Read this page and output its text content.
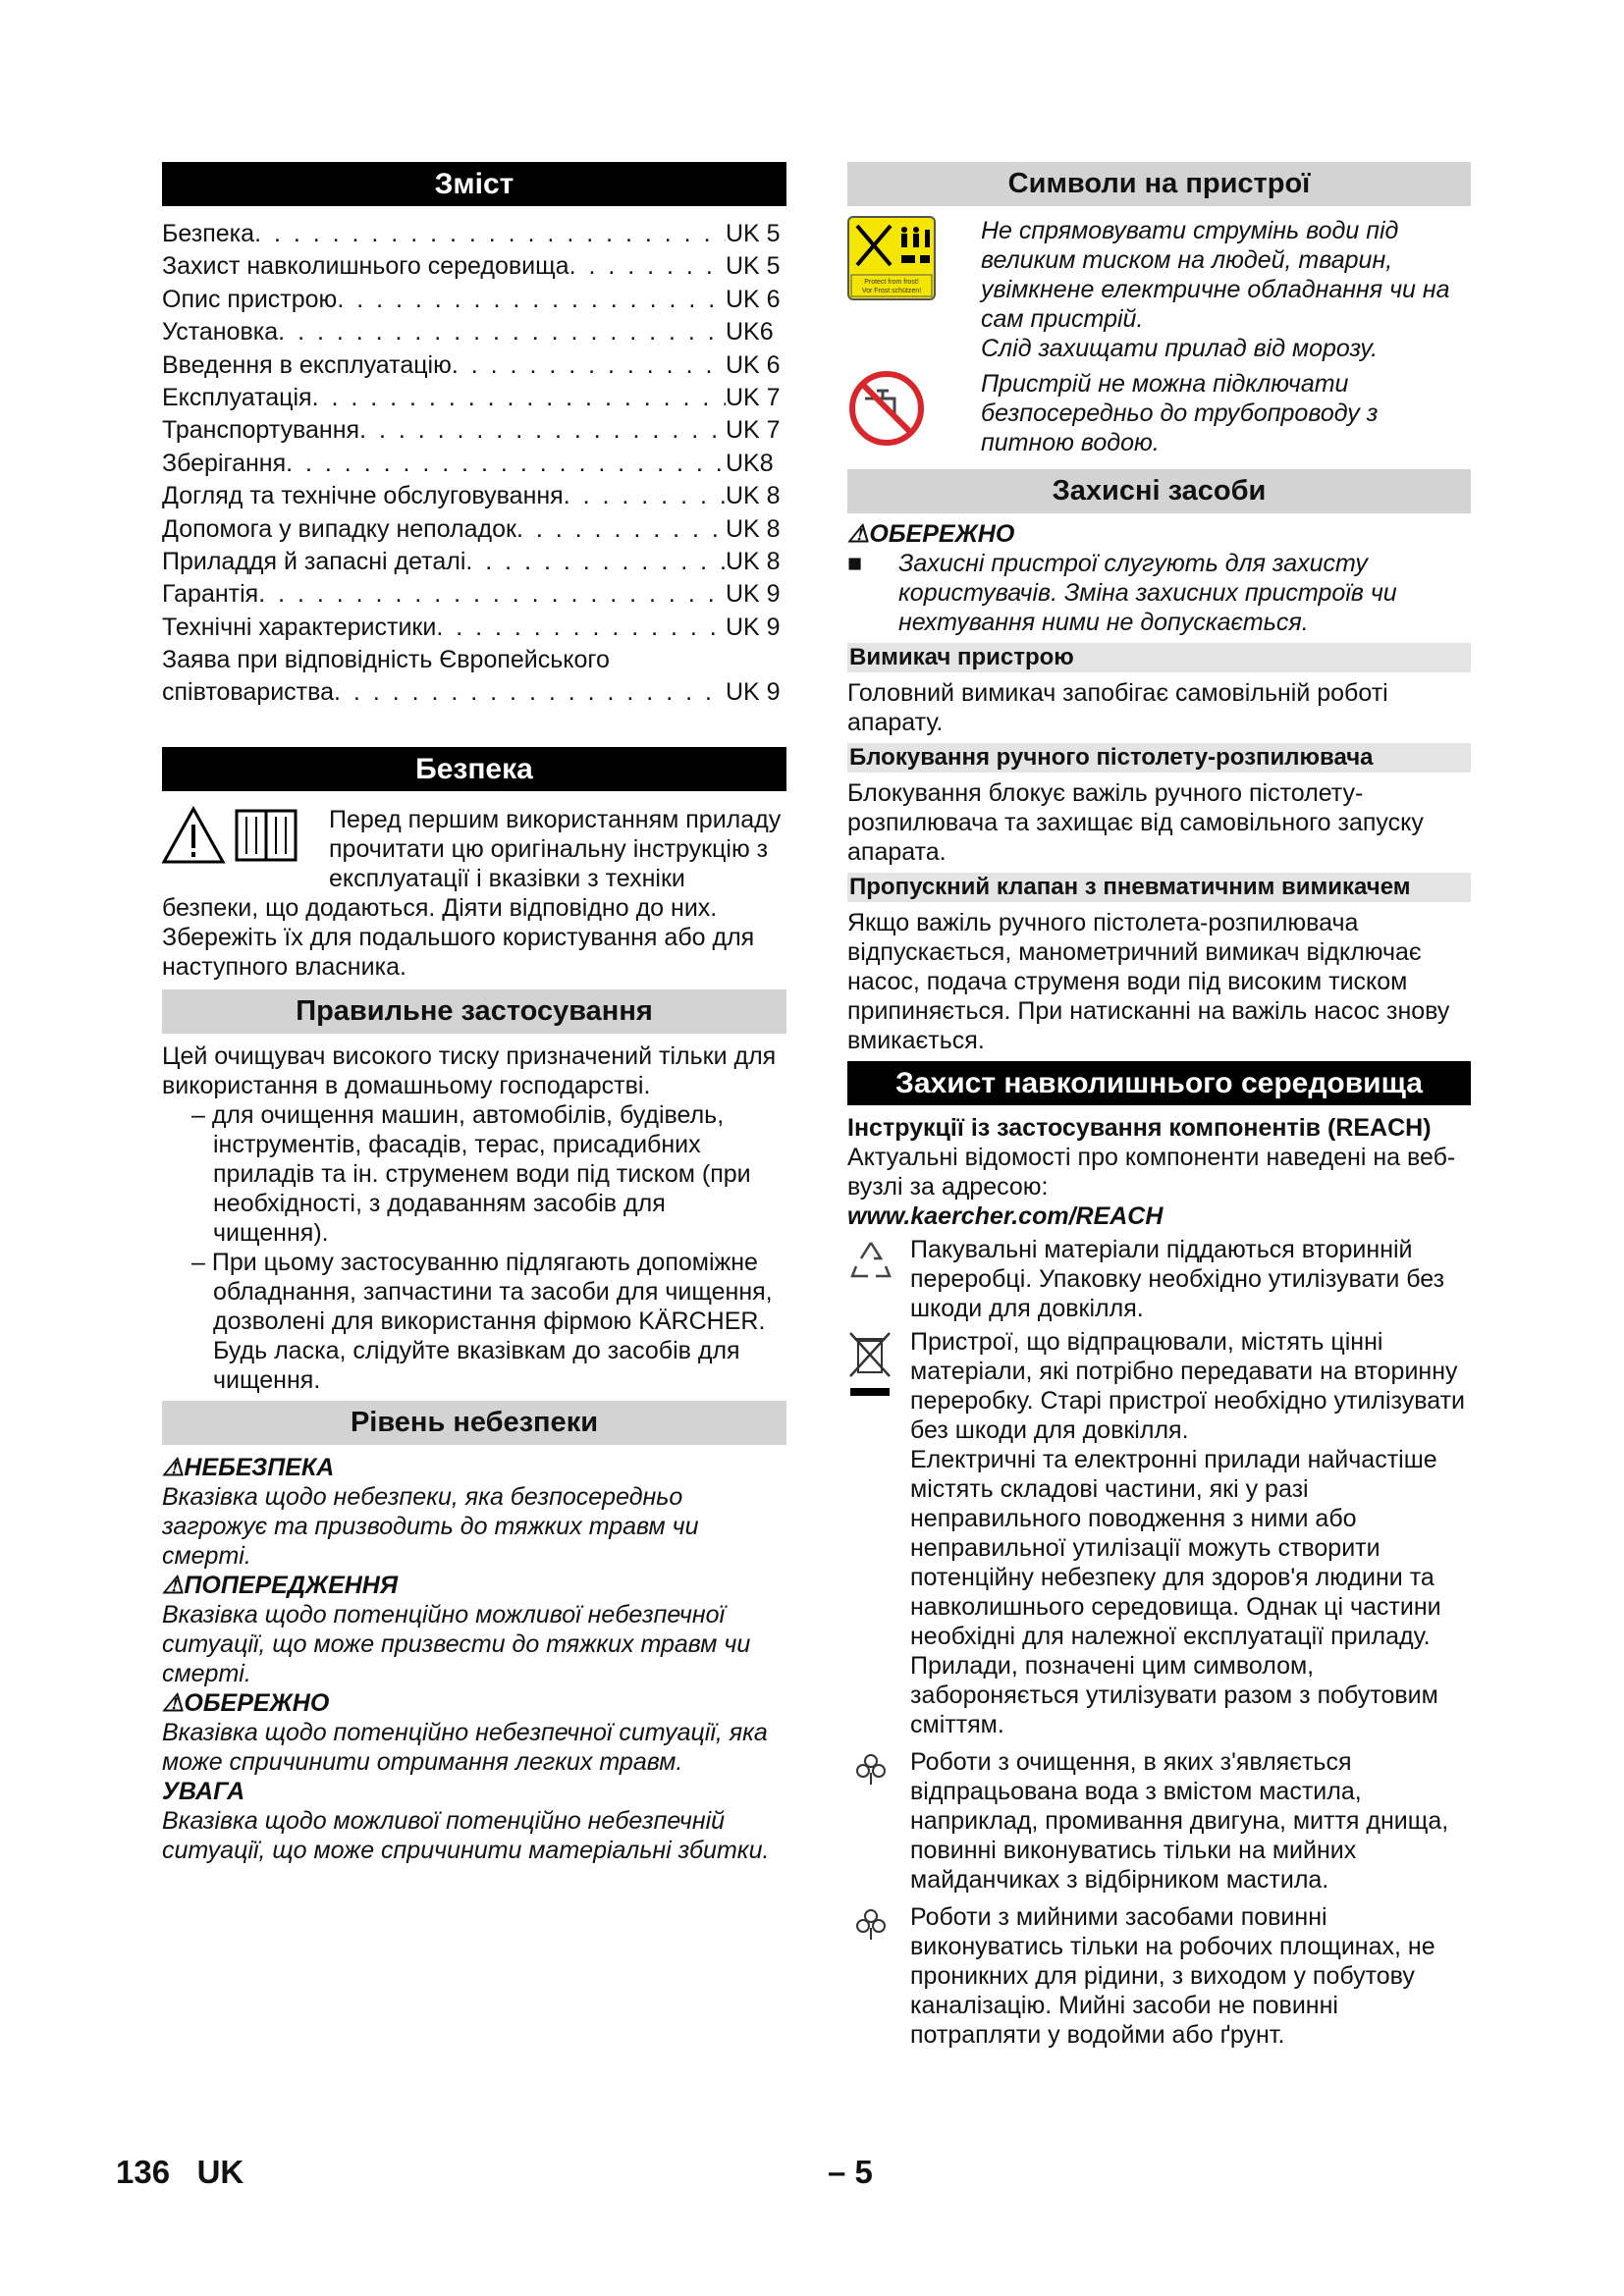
Зміст
Безпека . . .	UK 5
Захист навколишнього середовища . . .	UK 5
Опис пристрою . . .	UK 6
Установка . . .	UK6
Введення в експлуатацію . . .	UK 6
Експлуатація . . .	UK 7
Транспортування . . .	UK 7
Зберігання . . .	UK8
Догляд та технічне обслуговування . . .	UK 8
Допомога у випадку неполадок . . .	UK 8
Приладдя й запасні деталі . . .	UK 8
Гарантія . . .	UK 9
Технічні характеристики . . .	UK 9
Заява при відповідність Європейського
співтовариства . . .	UK 9
Безпека
Перед першим використанням приладу прочитати цю оригінальну інструкцію з експлуатації і вказівки з техніки безпеки, що додаються. Діяти відповідно до них. Збережіть їх для подальшого користування або для наступного власника.
Правильне застосування
Цей очищувач високого тиску призначений тільки для використання в домашньому господарстві.
– для очищення машин, автомобілів, будівель, інструментів, фасадів, терас, присадибних приладів та ін. струменем води під тиском (при необхідності, з додаванням засобів для чищення).
– При цьому застосуванню підлягають допоміжне обладнання, запчастини та засоби для чищення, дозволені для використання фірмою KÄRCHER. Будь ласка, слідуйте вказівкам до засобів для чищення.
Рівень небезпеки
⚠НЕБЕЗПЕКА
Вказівка щодо небезпеки, яка безпосередньо загрожує та призводить до тяжких травм чи смерті.
⚠ПОПЕРЕДЖЕННЯ
Вказівка щодо потенційно можливої небезпечної ситуації, що може призвести до тяжких травм чи смерті.
⚠ОБЕРЕЖНО
Вказівка щодо потенційно небезпечної ситуації, яка може спричинити отримання легких травм.
УВАГА
Вказівка щодо можливої потенційно небезпечній ситуації, що може спричинити матеріальні збитки.
Символи на пристрої
Protect from frost!
Vor Frost schützen!
Не спрямовувати струмінь води під великим тиском на людей, тварин, увімкнене електричне обладнання чи на сам пристрій.
Слід захищати прилад від морозу.
Пристрій не можна підключати безпосередньо до трубопроводу з питною водою.
Захисні засоби
⚠ОБЕРЕЖНО
■	Захисні пристрої слугують для захисту користувачів. Зміна захисних пристроїв чи нехтування ними не допускається.
Вимикач пристрою
Головний вимикач запобігає самовільній роботі апарату.
Блокування ручного пістолету-розпилювача
Блокування блокує важіль ручного пістолету-розпилювача та захищає від самовільного запуску апарата.
Пропускний клапан з пневматичним вимикачем
Якщо важіль ручного пістолета-розпилювача відпускається, манометричний вимикач відключає насос, подача струменя води під високим тиском припиняється. При натисканні на важіль насос знову вмикається.
Захист навколишнього середовища
Інструкції із застосування компонентів (REACH)
Актуальні відомості про компоненти наведені на веб-вузлі за адресою:
www.kaercher.com/REACH
Пакувальні матеріали піддаються вторинній переробці. Упаковку необхідно утилізувати без шкоди для довкілля.
Пристрої, що відпрацювали, містять цінні матеріали, які потрібно передавати на вторинну переробку. Старі пристрої необхідно утилізувати без шкоди для довкілля.
Електричні та електронні прилади найчастіше містять складові частини, які у разі неправильного поводження з ними або неправильної утилізації можуть створити потенційну небезпеку для здоров'я людини та навколишнього середовища. Однак ці частини необхідні для належної експлуатації приладу. Прилади, позначені цим символом, забороняється утилізувати разом з побутовим сміттям.
Роботи з очищення, в яких з'являється відпрацьована вода з вмістом мастила, наприклад, промивання двигуна, миття днища, повинні виконуватись тільки на мийних майданчиках з відбірником мастила.
Роботи з мийними засобами повинні виконуватись тільки на робочих площинах, не проникних для рідини, з виходом у побутову каналізацію. Мийні засоби не повинні потрапляти у водойми або ґрунт.
136 UK	– 5
